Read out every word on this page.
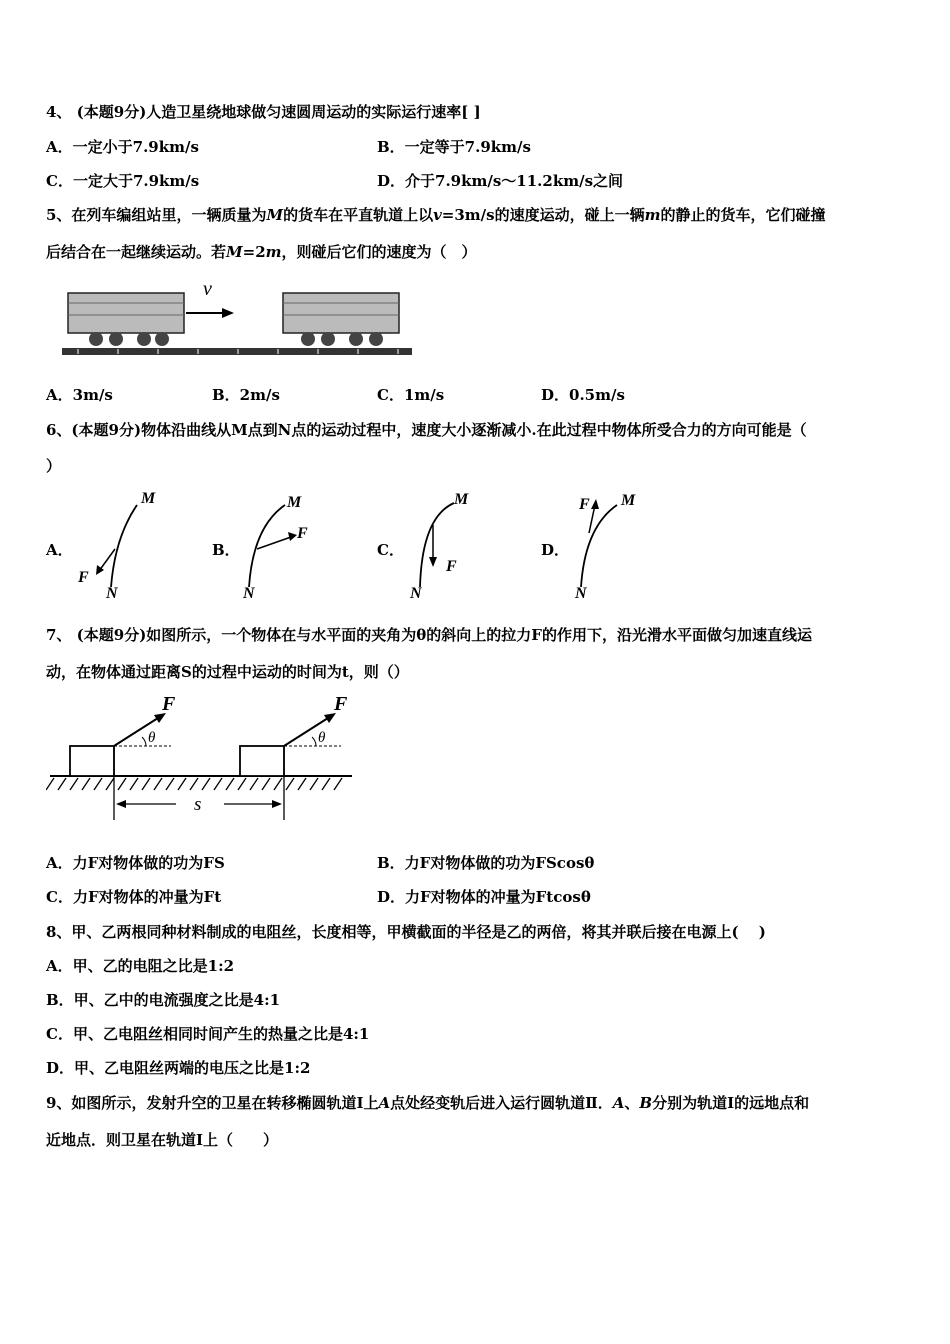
4、 (本题9分)人造卫星绕地球做匀速圆周运动的实际运行速率[ ]
A．一定小于7.9km/s	B．一定等于7.9km/s
C．一定大于7.9km/s	D．介于7.9km/s～11.2km/s之间
5、在列车编组站里，一辆质量为M的货车在平直轨道上以v=3m/s的速度运动，碰上一辆m的静止的货车，它们碰撞
后结合在一起继续运动。若M=2m，则碰后它们的速度为（　）
v
A．3m/s	B．2m/s	C．1m/s	D．0.5m/s
6、(本题9分)物体沿曲线从M点到N点的运动过程中，速度大小逐渐减小.在此过程中物体所受合力的方向可能是（
）
A．
M
N
F
B．
M
N
F
C．
M
N
F
D．
M
N
F
7、 (本题9分)如图所示，一个物体在与水平面的夹角为θ的斜向上的拉力F的作用下，沿光滑水平面做匀加速直线运
动，在物体通过距离S的过程中运动的时间为t，则（）
θ
F
θ
F
s
A．力F对物体做的功为FS	B．力F对物体做的功为FScosθ
C．力F对物体的冲量为Ft	D．力F对物体的冲量为Ftcosθ
8、甲、乙两根同种材料制成的电阻丝，长度相等，甲横截面的半径是乙的两倍，将其并联后接在电源上(　 )
A．甲、乙的电阻之比是1:2
B．甲、乙中的电流强度之比是4:1
C．甲、乙电阻丝相同时间产生的热量之比是4:1
D．甲、乙电阻丝两端的电压之比是1:2
9、如图所示，发射升空的卫星在转移椭圆轨道Ⅰ上A点处经变轨后进入运行圆轨道Ⅱ．A、B分别为轨道Ⅰ的远地点和
近地点．则卫星在轨道Ⅰ上（　　）
